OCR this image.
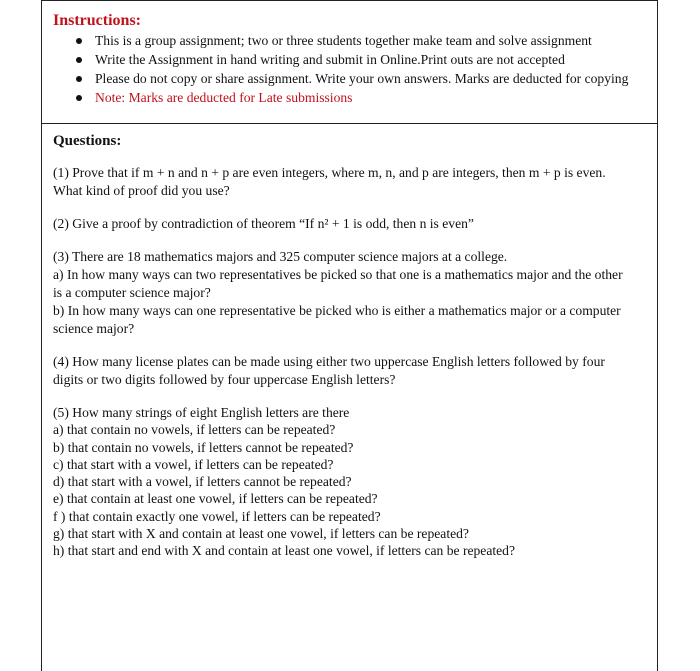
Instructions:
This is a group assignment; two or three students together make team and solve assignment
Write the Assignment in hand writing and submit in Online.Print outs are not accepted
Please do not copy or share assignment. Write your own answers. Marks are deducted for copying
Note: Marks are deducted for Late submissions
Questions:
(1) Prove that if m + n and n + p are even integers, where m, n, and p are integers, then m + p is even.
What kind of proof did you use?
(2) Give a proof by contradiction of theorem “If n² + 1 is odd, then n is even”
(3) There are 18 mathematics majors and 325 computer science majors at a college.
a) In how many ways can two representatives be picked so that one is a mathematics major and the other
is a computer science major?
b) In how many ways can one representative be picked who is either a mathematics major or a computer
science major?
(4) How many license plates can be made using either two uppercase English letters followed by four
digits or two digits followed by four uppercase English letters?
(5) How many strings of eight English letters are there
a) that contain no vowels, if letters can be repeated?
b) that contain no vowels, if letters cannot be repeated?
c) that start with a vowel, if letters can be repeated?
d) that start with a vowel, if letters cannot be repeated?
e) that contain at least one vowel, if letters can be repeated?
f ) that contain exactly one vowel, if letters can be repeated?
g) that start with X and contain at least one vowel, if letters can be repeated?
h) that start and end with X and contain at least one vowel, if letters can be repeated?
